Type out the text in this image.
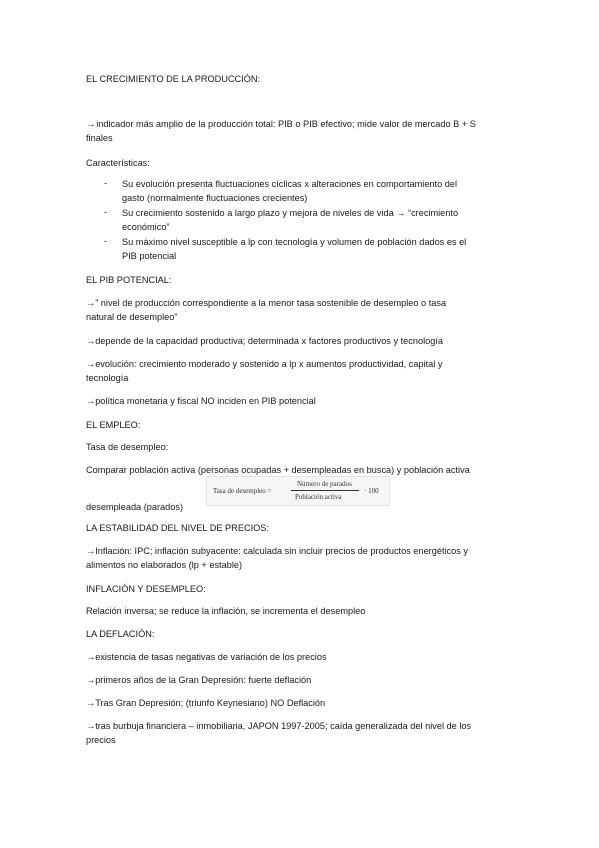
EL CRECIMIENTO DE LA PRODUCCIÓN:
→indicador más amplio de la producción total: PIB o PIB efectivo; mide valor de mercado B + S
finales
Características:
- Su evolución presenta fluctuaciones cíclicas x alteraciones en comportamiento del
gasto (normalmente fluctuaciones crecientes)
- Su crecimiento sostenido a largo plazo y mejora de niveles de vida → “crecimiento
económico”
- Su máximo nivel susceptible a lp con tecnología y volumen de población dados es el
PIB potencial
EL PIB POTENCIAL:
→” nivel de producción correspondiente a la menor tasa sostenible de desempleo o tasa
natural de desempleo”
→depende de la capacidad productiva; determinada x factores productivos y tecnología
→evolución: crecimiento moderado y sostenido a lp x aumentos productividad, capital y
tecnología
→política monetaria y fiscal NO inciden en PIB potencial
EL EMPLEO:
Tasa de desempleo:
Comparar población activa (personas ocupadas + desempleadas en busca) y población activa
desempleada (parados)
Tasa de desempleo =
Número de parados
Población activa
· 100
LA ESTABILIDAD DEL NIVEL DE PRECIOS:
→Inflación: IPC; inflación subyacente: calculada sin incluir precios de productos energéticos y
alimentos no elaborados (lp + estable)
INFLACIÓN Y DESEMPLEO:
Relación inversa; se reduce la inflación, se incrementa el desempleo
LA DEFLACIÓN:
→existencia de tasas negativas de variación de los precios
→primeros años de la Gran Depresión: fuerte deflación
→Tras Gran Depresión; (triunfo Keynesiano) NO Deflación
→tras burbuja financiera – inmobiliaria, JAPON 1997-2005; caída generalizada del nivel de los
precios
